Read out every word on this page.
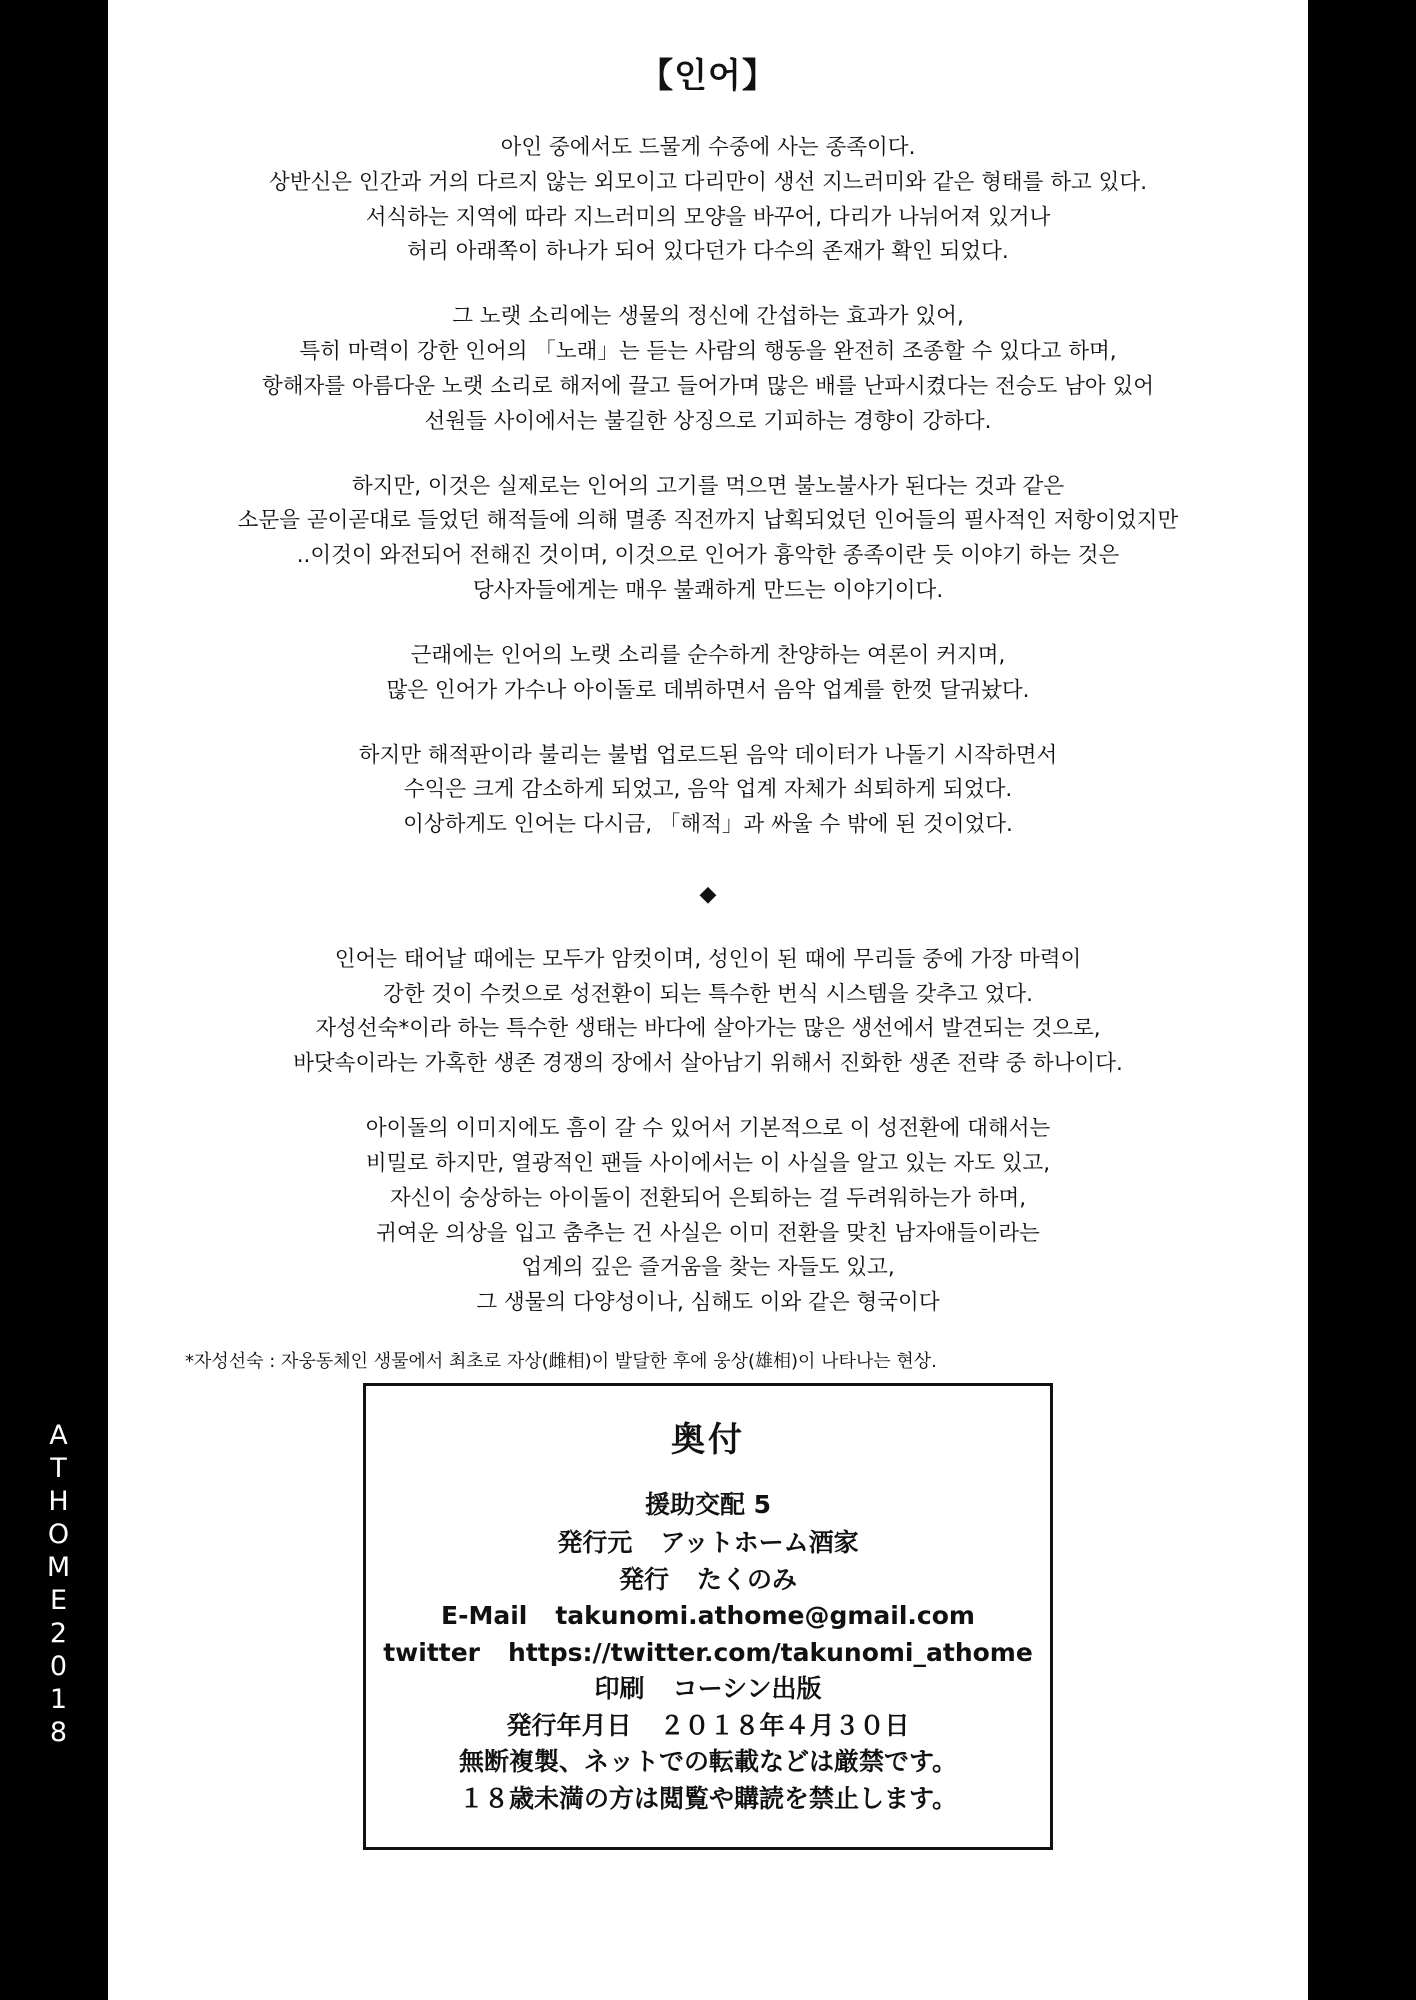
ATHOME2018
【인어】
아인 중에서도 드물게 수중에 사는 종족이다.
상반신은 인간과 거의 다르지 않는 외모이고 다리만이 생선 지느러미와 같은 형태를 하고 있다.
서식하는 지역에 따라 지느러미의 모양을 바꾸어, 다리가 나뉘어져 있거나
허리 아래쪽이 하나가 되어 있다던가 다수의 존재가 확인 되었다.
그 노랫 소리에는 생물의 정신에 간섭하는 효과가 있어,
특히 마력이 강한 인어의 「노래」는 듣는 사람의 행동을 완전히 조종할 수 있다고 하며,
항해자를 아름다운 노랫 소리로 해저에 끌고 들어가며 많은 배를 난파시켰다는 전승도 남아 있어
선원들 사이에서는 불길한 상징으로 기피하는 경향이 강하다.
하지만, 이것은 실제로는 인어의 고기를 먹으면 불노불사가 된다는 것과 같은
소문을 곧이곧대로 들었던 해적들에 의해 멸종 직전까지 납획되었던 인어들의 필사적인 저항이었지만
..이것이 와전되어 전해진 것이며, 이것으로 인어가 흉악한 종족이란 듯 이야기 하는 것은
당사자들에게는 매우 불쾌하게 만드는 이야기이다.
근래에는 인어의 노랫 소리를 순수하게 찬양하는 여론이 커지며,
많은 인어가 가수나 아이돌로 데뷔하면서 음악 업계를 한껏 달궈놨다.
하지만 해적판이라 불리는 불법 업로드된 음악 데이터가 나돌기 시작하면서
수익은 크게 감소하게 되었고, 음악 업계 자체가 쇠퇴하게 되었다.
이상하게도 인어는 다시금, 「해적」과 싸울 수 밖에 된 것이었다.
◆
인어는 태어날 때에는 모두가 암컷이며, 성인이 된 때에 무리들 중에 가장 마력이
강한 것이 수컷으로 성전환이 되는 특수한 번식 시스템을 갖추고 었다.
자성선숙*이라 하는 특수한 생태는 바다에 살아가는 많은 생선에서 발견되는 것으로,
바닷속이라는 가혹한 생존 경쟁의 장에서 살아남기 위해서 진화한 생존 전략 중 하나이다.
아이돌의 이미지에도 흠이 갈 수 있어서 기본적으로 이 성전환에 대해서는
비밀로 하지만, 열광적인 팬들 사이에서는 이 사실을 알고 있는 자도 있고,
자신이 숭상하는 아이돌이 전환되어 은퇴하는 걸 두려워하는가 하며,
귀여운 의상을 입고 춤추는 건 사실은 이미 전환을 맞친 남자애들이라는
업계의 깊은 즐거움을 찾는 자들도 있고,
그 생물의 다양성이나, 심해도 이와 같은 형국이다
*자성선숙 : 자웅동체인 생물에서 최초로 자상(雌相)이 발달한 후에 웅상(雄相)이 나타나는 현상.
奥付
援助交配 5
発行元 アットホーム酒家
発行 たくのみ
E-Mail takunomi.athome@gmail.com
twitter https://twitter.com/takunomi_athome
印刷 コーシン出版
発行年月日 ２０１８年４月３０日
無断複製、ネットでの転載などは厳禁です。
１８歳未満の方は閲覧や購読を禁止します。
